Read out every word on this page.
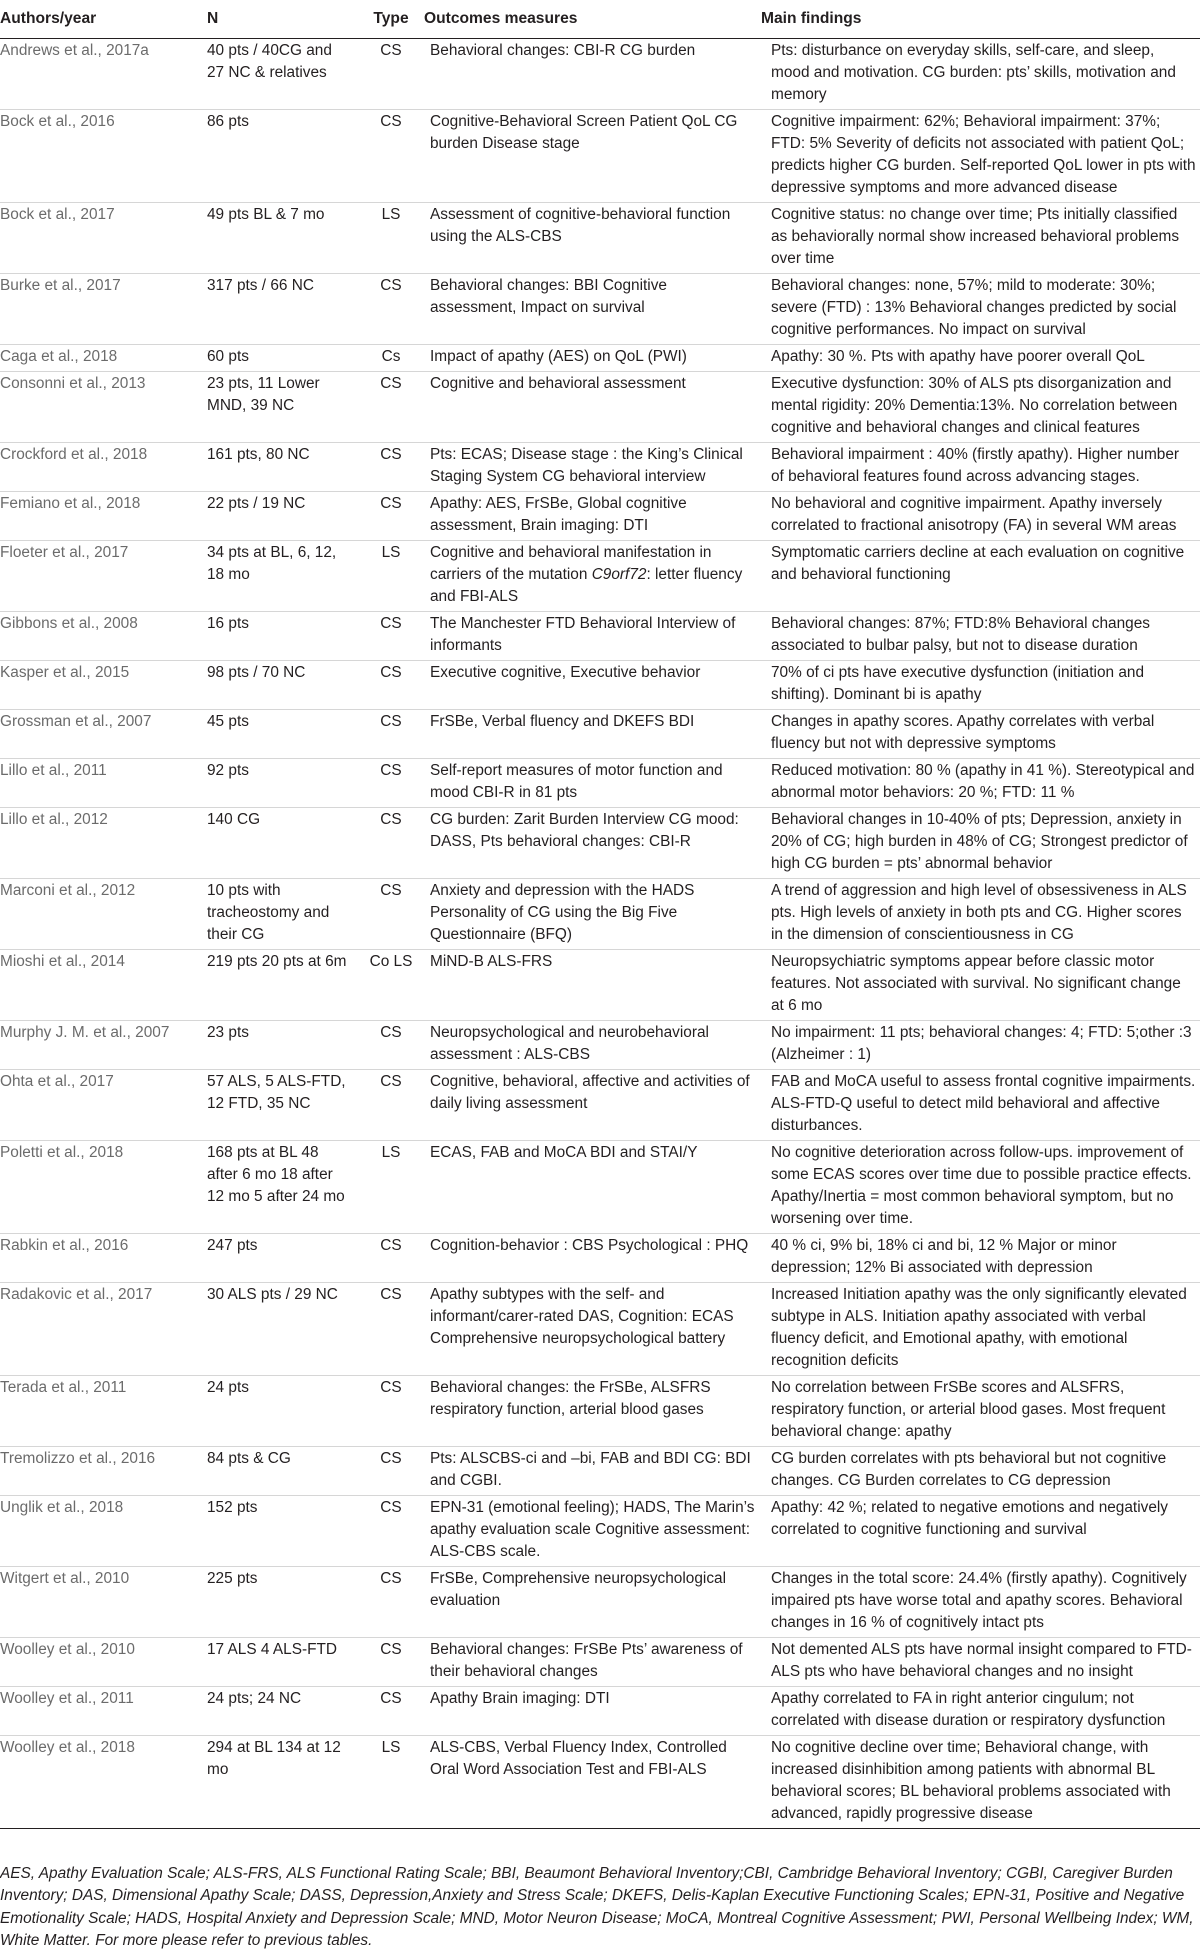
Authors/year	N	Type	Outcomes measures	Main findings
Andrews et al., 2017a	40 pts / 40CG and 27 NC & relatives	CS	Behavioral changes: CBI-R CG burden	Pts: disturbance on everyday skills, self-care, and sleep, mood and motivation. CG burden: pts’ skills, motivation and memory
Bock et al., 2016	86 pts	CS	Cognitive-Behavioral Screen Patient QoL CG burden Disease stage	Cognitive impairment: 62%; Behavioral impairment: 37%; FTD: 5% Severity of deficits not associated with patient QoL; predicts higher CG burden. Self-reported QoL lower in pts with depressive symptoms and more advanced disease
Bock et al., 2017	49 pts BL & 7 mo	LS	Assessment of cognitive-behavioral function using the ALS-CBS	Cognitive status: no change over time; Pts initially classified as behaviorally normal show increased behavioral problems over time
Burke et al., 2017	317 pts / 66 NC	CS	Behavioral changes: BBI Cognitive assessment, Impact on survival	Behavioral changes: none, 57%; mild to moderate: 30%; severe (FTD) : 13% Behavioral changes predicted by social cognitive performances. No impact on survival
Caga et al., 2018	60 pts	Cs	Impact of apathy (AES) on QoL (PWI)	Apathy: 30 %. Pts with apathy have poorer overall QoL
Consonni et al., 2013	23 pts, 11 Lower MND, 39 NC	CS	Cognitive and behavioral assessment	Executive dysfunction: 30% of ALS pts disorganization and mental rigidity: 20% Dementia:13%. No correlation between cognitive and behavioral changes and clinical features
Crockford et al., 2018	161 pts, 80 NC	CS	Pts: ECAS; Disease stage : the King’s Clinical Staging System CG behavioral interview	Behavioral impairment : 40% (firstly apathy). Higher number of behavioral features found across advancing stages.
Femiano et al., 2018	22 pts / 19 NC	CS	Apathy: AES, FrSBe, Global cognitive assessment, Brain imaging: DTI	No behavioral and cognitive impairment. Apathy inversely correlated to fractional anisotropy (FA) in several WM areas
Floeter et al., 2017	34 pts at BL, 6, 12, 18 mo	LS	Cognitive and behavioral manifestation in carriers of the mutation C9orf72: letter fluency and FBI-ALS	Symptomatic carriers decline at each evaluation on cognitive and behavioral functioning
Gibbons et al., 2008	16 pts	CS	The Manchester FTD Behavioral Interview of informants	Behavioral changes: 87%; FTD:8% Behavioral changes associated to bulbar palsy, but not to disease duration
Kasper et al., 2015	98 pts / 70 NC	CS	Executive cognitive, Executive behavior	70% of ci pts have executive dysfunction (initiation and shifting). Dominant bi is apathy
Grossman et al., 2007	45 pts	CS	FrSBe, Verbal fluency and DKEFS BDI	Changes in apathy scores. Apathy correlates with verbal fluency but not with depressive symptoms
Lillo et al., 2011	92 pts	CS	Self-report measures of motor function and mood CBI-R in 81 pts	Reduced motivation: 80 % (apathy in 41 %). Stereotypical and abnormal motor behaviors: 20 %; FTD: 11 %
Lillo et al., 2012	140 CG	CS	CG burden: Zarit Burden Interview CG mood: DASS, Pts behavioral changes: CBI-R	Behavioral changes in 10-40% of pts; Depression, anxiety in 20% of CG; high burden in 48% of CG; Strongest predictor of high CG burden = pts’ abnormal behavior
Marconi et al., 2012	10 pts with tracheostomy and their CG	CS	Anxiety and depression with the HADS Personality of CG using the Big Five Questionnaire (BFQ)	A trend of aggression and high level of obsessiveness in ALS pts. High levels of anxiety in both pts and CG. Higher scores in the dimension of conscientiousness in CG
Mioshi et al., 2014	219 pts 20 pts at 6m	Co LS	MiND-B ALS-FRS	Neuropsychiatric symptoms appear before classic motor features. Not associated with survival. No significant change at 6 mo
Murphy J. M. et al., 2007	23 pts	CS	Neuropsychological and neurobehavioral assessment : ALS-CBS	No impairment: 11 pts; behavioral changes: 4; FTD: 5;other :3 (Alzheimer : 1)
Ohta et al., 2017	57 ALS, 5 ALS-FTD, 12 FTD, 35 NC	CS	Cognitive, behavioral, affective and activities of daily living assessment	FAB and MoCA useful to assess frontal cognitive impairments. ALS-FTD-Q useful to detect mild behavioral and affective disturbances.
Poletti et al., 2018	168 pts at BL 48 after 6 mo 18 after 12 mo 5 after 24 mo	LS	ECAS, FAB and MoCA BDI and STAI/Y	No cognitive deterioration across follow-ups. improvement of some ECAS scores over time due to possible practice effects. Apathy/Inertia = most common behavioral symptom, but no worsening over time.
Rabkin et al., 2016	247 pts	CS	Cognition-behavior : CBS Psychological : PHQ	40 % ci, 9% bi, 18% ci and bi, 12 % Major or minor depression; 12% Bi associated with depression
Radakovic et al., 2017	30 ALS pts / 29 NC	CS	Apathy subtypes with the self- and informant/carer-rated DAS, Cognition: ECAS Comprehensive neuropsychological battery	Increased Initiation apathy was the only significantly elevated subtype in ALS. Initiation apathy associated with verbal fluency deficit, and Emotional apathy, with emotional recognition deficits
Terada et al., 2011	24 pts	CS	Behavioral changes: the FrSBe, ALSFRS respiratory function, arterial blood gases	No correlation between FrSBe scores and ALSFRS, respiratory function, or arterial blood gases. Most frequent behavioral change: apathy
Tremolizzo et al., 2016	84 pts & CG	CS	Pts: ALSCBS-ci and –bi, FAB and BDI CG: BDI and CGBI.	CG burden correlates with pts behavioral but not cognitive changes. CG Burden correlates to CG depression
Unglik et al., 2018	152 pts	CS	EPN-31 (emotional feeling); HADS, The Marin’s apathy evaluation scale Cognitive assessment: ALS-CBS scale.	Apathy: 42 %; related to negative emotions and negatively correlated to cognitive functioning and survival
Witgert et al., 2010	225 pts	CS	FrSBe, Comprehensive neuropsychological evaluation	Changes in the total score: 24.4% (firstly apathy). Cognitively impaired pts have worse total and apathy scores. Behavioral changes in 16 % of cognitively intact pts
Woolley et al., 2010	17 ALS 4 ALS-FTD	CS	Behavioral changes: FrSBe Pts’ awareness of their behavioral changes	Not demented ALS pts have normal insight compared to FTD-ALS pts who have behavioral changes and no insight
Woolley et al., 2011	24 pts; 24 NC	CS	Apathy Brain imaging: DTI	Apathy correlated to FA in right anterior cingulum; not correlated with disease duration or respiratory dysfunction
Woolley et al., 2018	294 at BL 134 at 12 mo	LS	ALS-CBS, Verbal Fluency Index, Controlled Oral Word Association Test and FBI-ALS	No cognitive decline over time; Behavioral change, with increased disinhibition among patients with abnormal BL behavioral scores; BL behavioral problems associated with advanced, rapidly progressive disease
AES, Apathy Evaluation Scale; ALS-FRS, ALS Functional Rating Scale; BBI, Beaumont Behavioral Inventory;CBI, Cambridge Behavioral Inventory; CGBI, Caregiver Burden Inventory; DAS, Dimensional Apathy Scale; DASS, Depression,Anxiety and Stress Scale; DKEFS, Delis-Kaplan Executive Functioning Scales; EPN-31, Positive and Negative Emotionality Scale; HADS, Hospital Anxiety and Depression Scale; MND, Motor Neuron Disease; MoCA, Montreal Cognitive Assessment; PWI, Personal Wellbeing Index; WM, White Matter. For more please refer to previous tables.
